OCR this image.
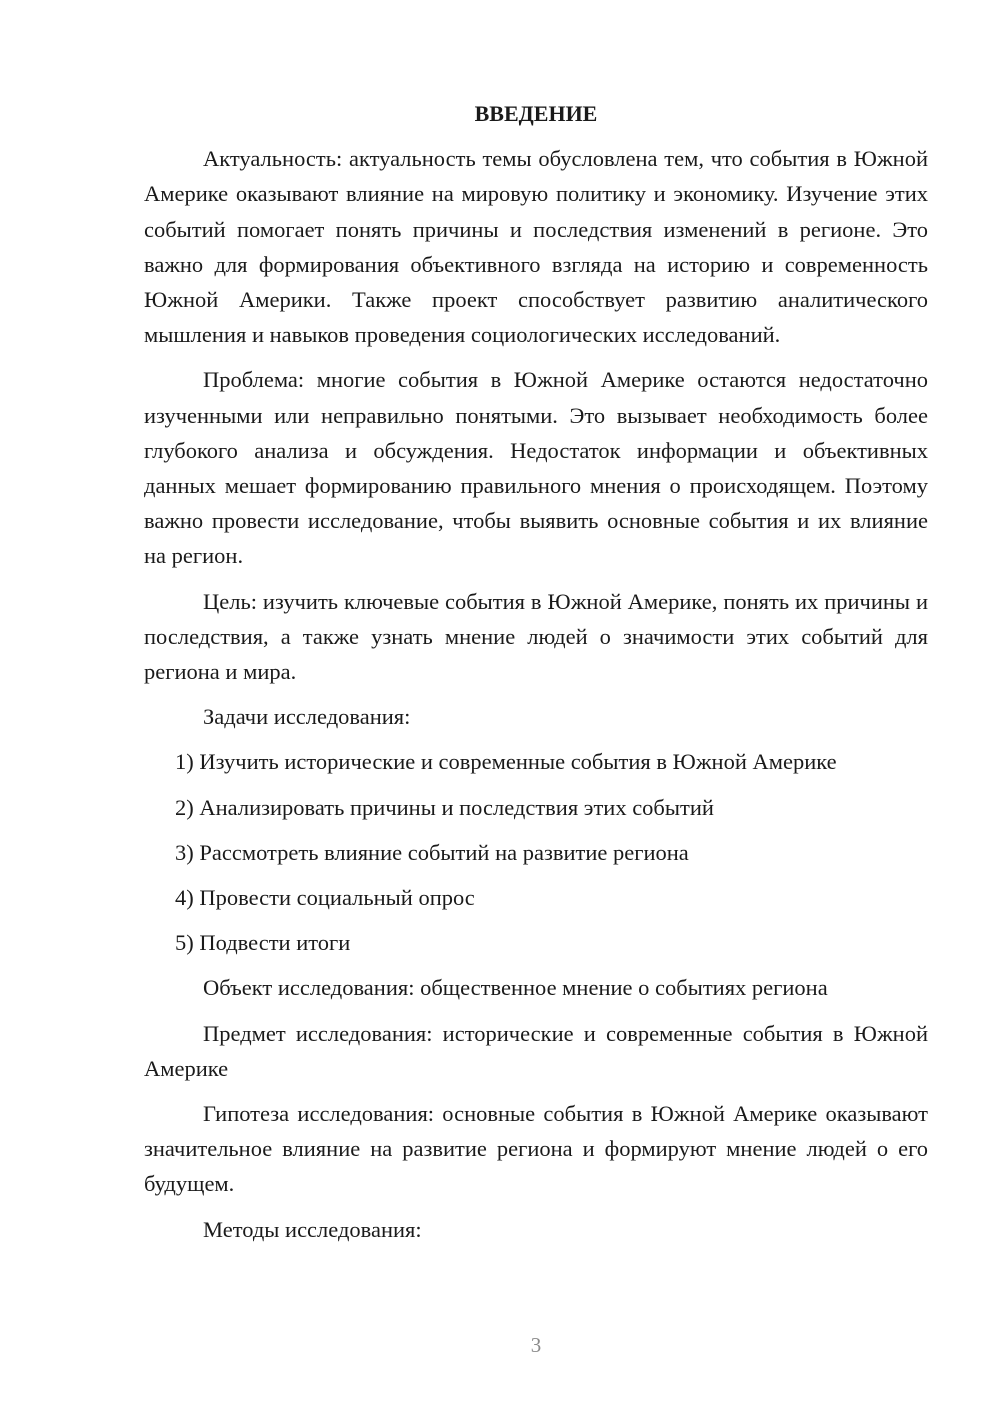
ВВЕДЕНИЕ

Актуальность: актуальность темы обусловлена тем, что события в Южной Америке оказывают влияние на мировую политику и экономику. Изучение этих событий помогает понять причины и последствия изменений в регионе. Это важно для формирования объективного взгляда на историю и современность Южной Америки. Также проект способствует развитию аналитического мышления и навыков проведения социологических исследований.

Проблема: многие события в Южной Америке остаются недостаточно изученными или неправильно понятыми. Это вызывает необходимость более глубокого анализа и обсуждения. Недостаток информации и объективных данных мешает формированию правильного мнения о происходящем. Поэтому важно провести исследование, чтобы выявить основные события и их влияние на регион.

Цель: изучить ключевые события в Южной Америке, понять их причины и последствия, а также узнать мнение людей о значимости этих событий для региона и мира.

Задачи исследования:

1) Изучить исторические и современные события в Южной Америке
2) Анализировать причины и последствия этих событий
3) Рассмотреть влияние событий на развитие региона
4) Провести социальный опрос
5) Подвести итоги

Объект исследования: общественное мнение о событиях региона

Предмет исследования: исторические и современные события в Южной Америке

Гипотеза исследования: основные события в Южной Америке оказывают значительное влияние на развитие региона и формируют мнение людей о его будущем.

Методы исследования:

3
